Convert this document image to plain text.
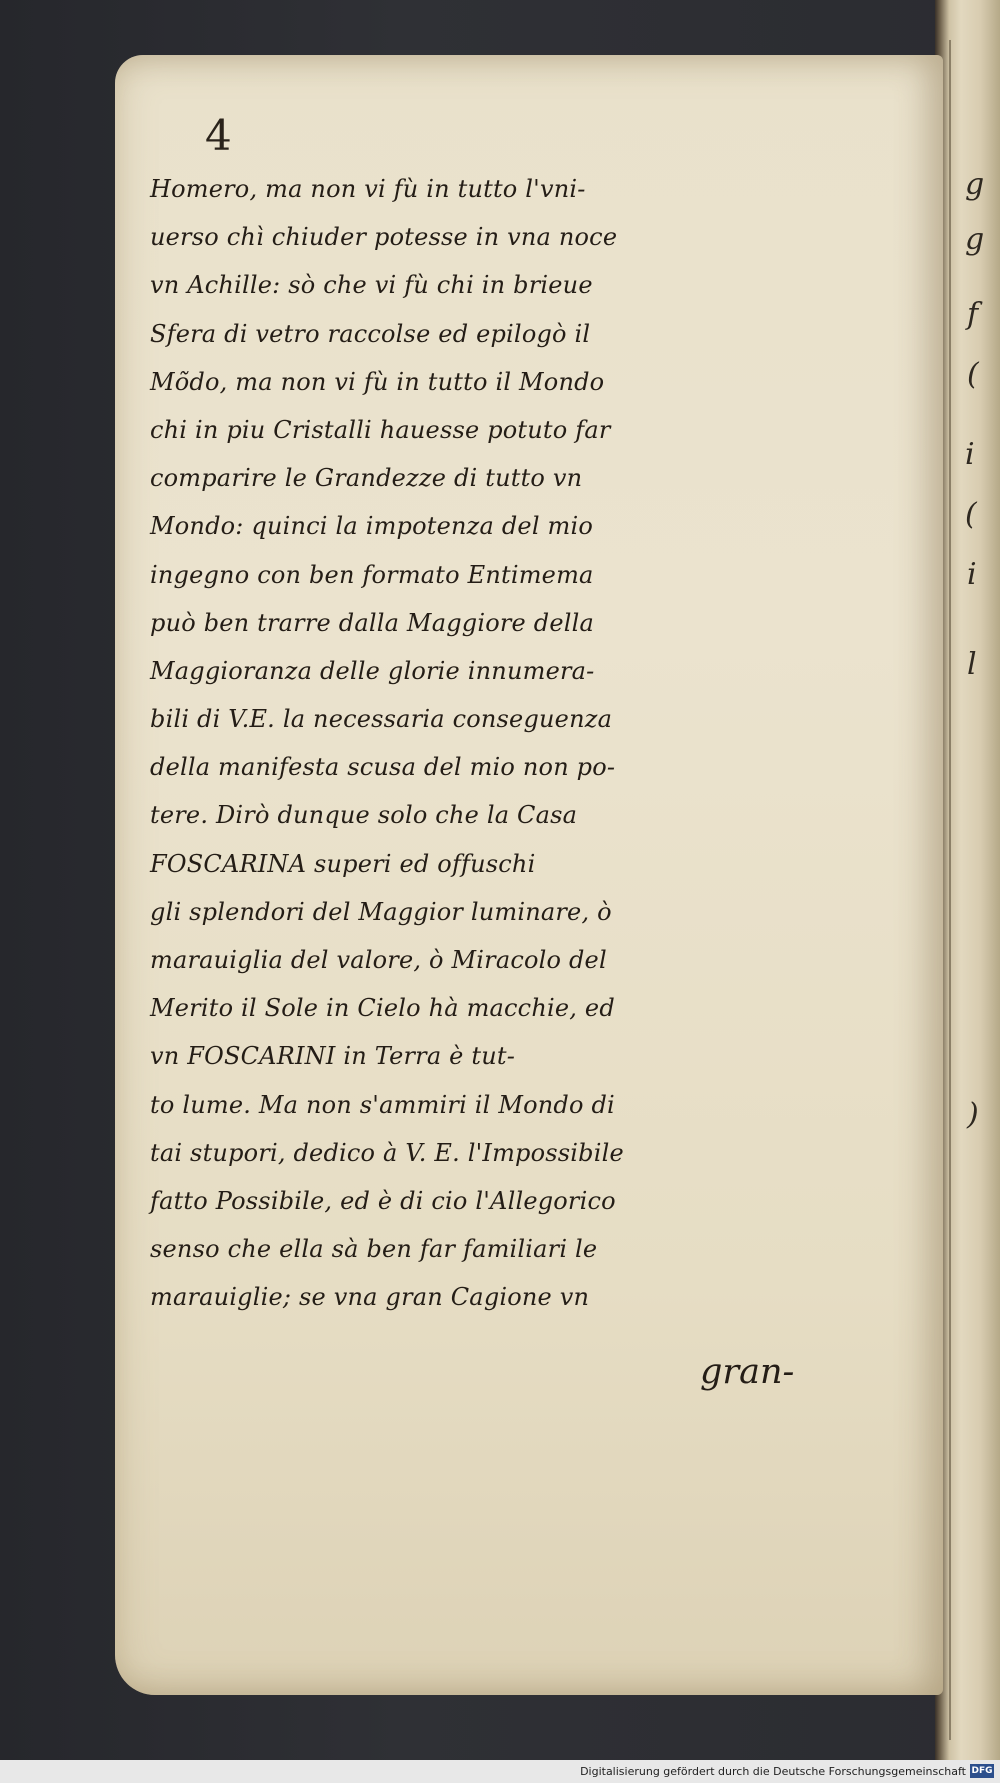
g
g
f
(
i
(
i
l
)
4
Homero, ma non vi fù in tutto l'vni-
uerso chì chiuder potesse in vna noce
vn Achille: sò che vi fù chi in brieue
Sfera di vetro raccolse ed epilogò il
Mõdo, ma non vi fù in tutto il Mondo
chi in piu Cristalli hauesse potuto far
comparire le Grandezze di tutto vn
Mondo: quinci la impotenza del mio
ingegno con ben formato Entimema
può ben trarre dalla Maggiore della
Maggioranza delle glorie innumera-
bili di V.E. la necessaria conseguenza
della manifesta scusa del mio non po-
tere. Dirò dunque solo che la Casa
FOSCARINA superi ed offuschi
gli splendori del Maggior luminare, ò
marauiglia del valore, ò Miracolo del
Merito il Sole in Cielo hà macchie, ed
vn FOSCARINI in Terra è tut-
to lume. Ma non s'ammiri il Mondo di
tai stupori, dedico à V. E. l'Impossibile
fatto Possibile, ed è di cio l'Allegorico
senso che ella sà ben far familiari le
marauiglie; se vna gran Cagione vn
gran-
Digitalisierung gefördert durch die Deutsche Forschungsgemeinschaft DFG
